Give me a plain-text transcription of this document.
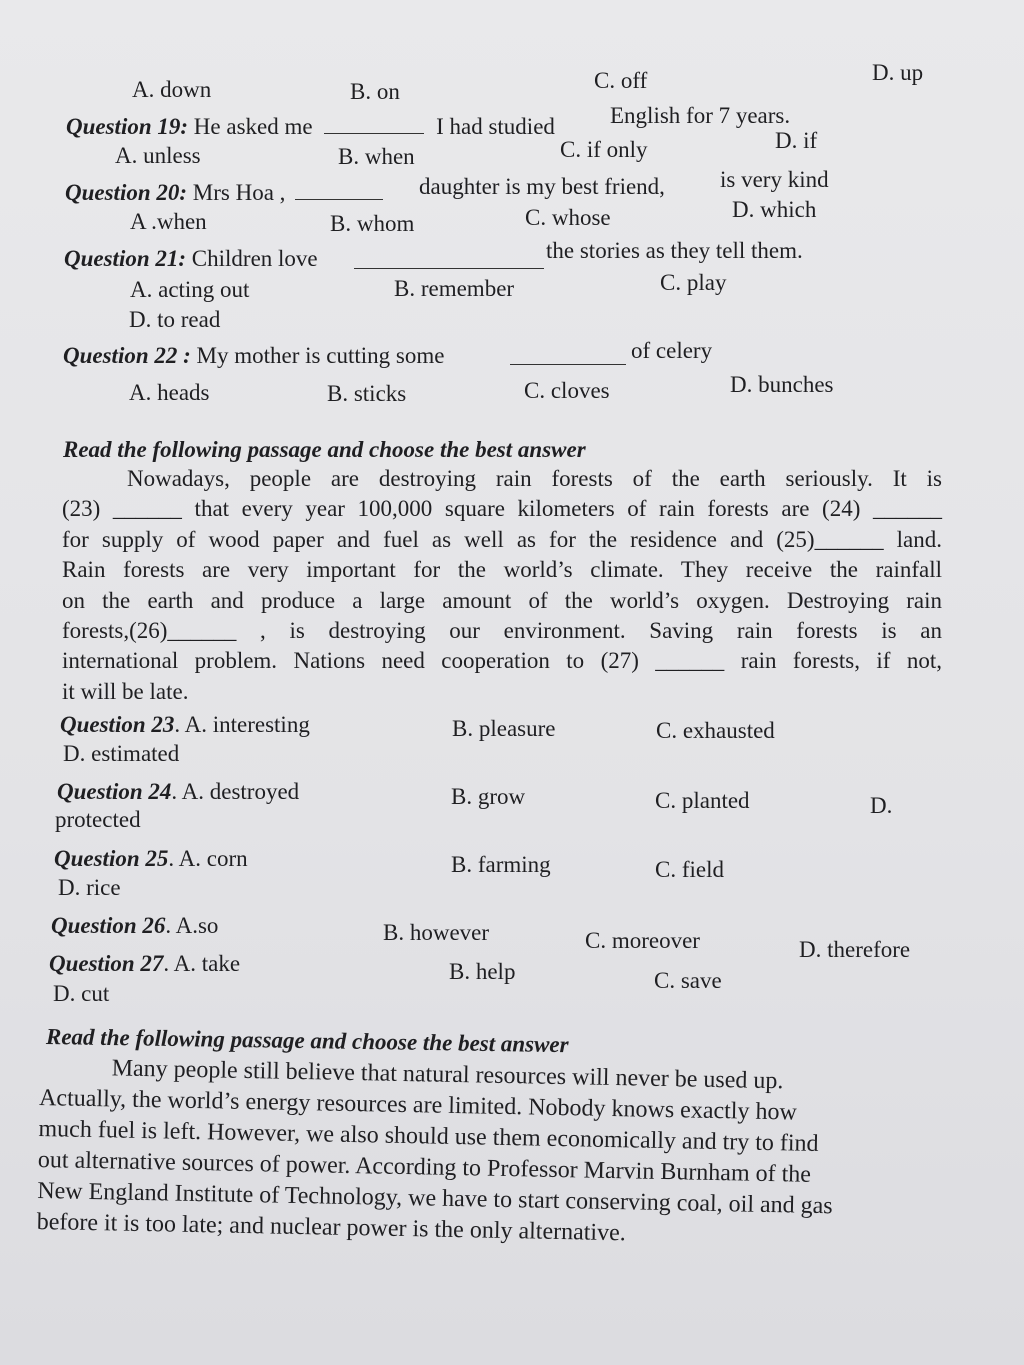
A. down	B. on	C. off	D. up
Question 19: He asked me	I had studied English for 7 years.
A. unless	B. when	C. if only	D. if
Question 20: Mrs Hoa ,	daughter is my best friend, is very kind
A .when	B. whom	C. whose	D. which
Question 21: Children love	the stories as they tell them.
A. acting out	B. remember	C. play
D. to read
Question 22 : My mother is cutting some	of celery
A. heads	B. sticks	C. cloves	D. bunches
Read the following passage and choose the best answer
Nowadays, people are destroying rain forests of the earth seriously. It is
(23) ______ that every year 100,000 square kilometers of rain forests are (24) ______
for supply of wood paper and fuel as well as for the residence and (25)______ land.
Rain forests are very important for the world’s climate. They receive the rainfall
on the earth and produce a large amount of the world’s oxygen. Destroying rain
forests,(26)______ , is destroying our environment. Saving rain forests is an
international problem. Nations need cooperation to (27) ______ rain forests, if not,
it will be late.
Question 23. A. interesting	B. pleasure	C. exhausted
D. estimated
Question 24. A. destroyed	B. grow	C. planted	D.
protected
Question 25. A. corn	B. farming	C. field
D. rice
Question 26. A.so	B. however	C. moreover	D. therefore
Question 27. A. take	B. help	C. save
D. cut
Read the following passage and choose the best answer
Many people still believe that natural resources will never be used up.
Actually, the world’s energy resources are limited. Nobody knows exactly how
much fuel is left. However, we also should use them economically and try to find
out alternative sources of power. According to Professor Marvin Burnham of the
New England Institute of Technology, we have to start conserving coal, oil and gas
before it is too late; and nuclear power is the only alternative.
